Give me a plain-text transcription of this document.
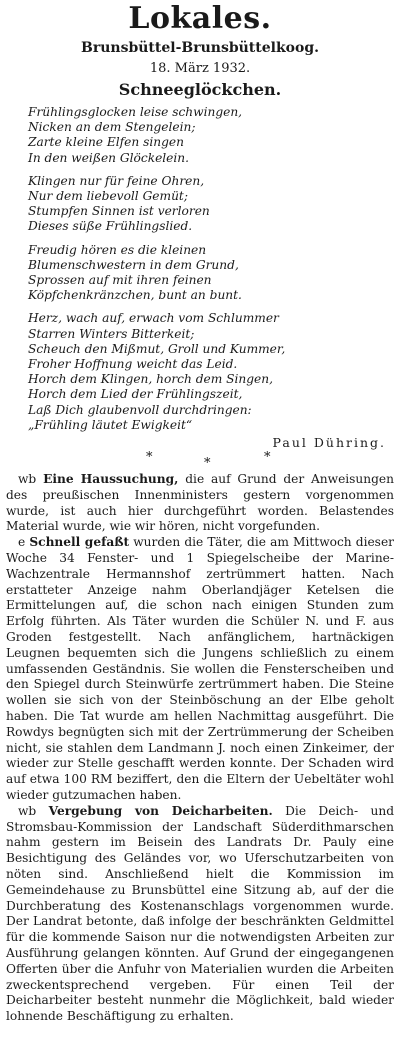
Lokales.
Brunsbüttel-Brunsbüttelkoog.
18. März 1932.
Schneeglöckchen.
Frühlingsglocken leise schwingen,
Nicken an dem Stengelein;
Zarte kleine Elfen singen
In den weißen Glöckelein.
Klingen nur für feine Ohren,
Nur dem liebevoll Gemüt;
Stumpfen Sinnen ist verloren
Dieses süße Frühlingslied.
Freudig hören es die kleinen
Blumenschwestern in dem Grund,
Sprossen auf mit ihren feinen
Köpfchenkränzchen, bunt an bunt.
Herz, wach auf, erwach vom Schlummer
Starren Winters Bitterkeit;
Scheuch den Mißmut, Groll und Kummer,
Froher Hoffnung weicht das Leid.
Horch dem Klingen, horch dem Singen,
Horch dem Lied der Frühlingszeit,
Laß Dich glaubenvoll durchdringen:
„Frühling läutet Ewigkeit“
Paul Dühring.
*	*	*

wb Eine Haussuchung, die auf Grund der Anweisungen des preußischen Innenministers gestern vorgenommen wurde, ist auch hier durchgeführt worden. Belastendes Material wurde, wie wir hören, nicht vorgefunden.

e Schnell gefaßt wurden die Täter, die am Mittwoch dieser Woche 34 Fenster- und 1 Spiegelscheibe der Marine-Wachzentrale Hermannshof zertrümmert hatten. Nach erstatteter Anzeige nahm Oberlandjäger Ketelsen die Ermittelungen auf, die schon nach einigen Stunden zum Erfolg führten. Als Täter wurden die Schüler N. und F. aus Groden festgestellt. Nach anfänglichem, hartnäckigen Leugnen bequemten sich die Jungens schließlich zu einem umfassenden Geständnis. Sie wollen die Fensterscheiben und den Spiegel durch Steinwürfe zertrümmert haben. Die Steine wollen sie sich von der Steinböschung an der Elbe geholt haben. Die Tat wurde am hellen Nachmittag ausgeführt. Die Rowdys begnügten sich mit der Zertrümmerung der Scheiben nicht, sie stahlen dem Landmann J. noch einen Zinkeimer, der wieder zur Stelle geschafft werden konnte. Der Schaden wird auf etwa 100 RM beziffert, den die Eltern der Uebeltäter wohl wieder gutzumachen haben.

wb Vergebung von Deicharbeiten. Die Deich- und Stromsbau-Kommission der Landschaft Süderdithmarschen nahm gestern im Beisein des Landrats Dr. Pauly eine Besichtigung des Geländes vor, wo Uferschutzarbeiten von nöten sind. Anschließend hielt die Kommission im Gemeindehause zu Brunsbüttel eine Sitzung ab, auf der die Durchberatung des Kostenanschlags vorgenommen wurde. Der Landrat betonte, daß infolge der beschränkten Geldmittel für die kommende Saison nur die notwendigsten Arbeiten zur Ausführung gelangen könnten. Auf Grund der eingegangenen Offerten über die Anfuhr von Materialien wurden die Arbeiten zweckentsprechend vergeben. Für einen Teil der Deicharbeiter besteht nunmehr die Möglichkeit, bald wieder lohnende Beschäftigung zu erhalten.
